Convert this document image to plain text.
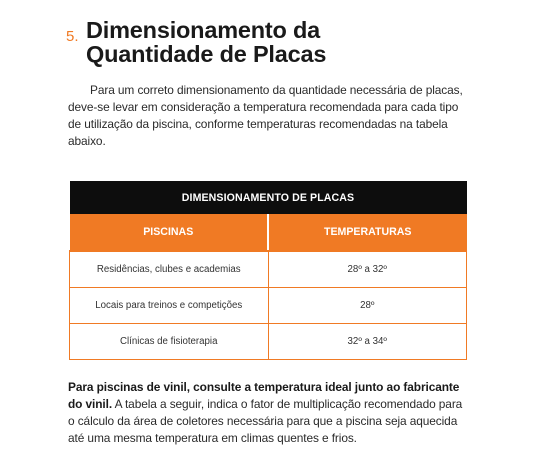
5. Dimensionamento da
Quantidade de Placas

Para um correto dimensionamento da quantidade necessária de placas, deve-se levar em consideração a temperatura recomendada para cada tipo de utilização da piscina, conforme temperaturas recomendadas na tabela abaixo.

DIMENSIONAMENTO DE PLACAS	
PISCINAS	TEMPERATURAS
Residências, clubes e academias	28º a 32º
Locais para treinos e competições	28º
Clínicas de fisioterapia	32º a 34º

Para piscinas de vinil, consulte a temperatura ideal junto ao fabricante do vinil. A tabela a seguir, indica o fator de multiplicação recomendado para o cálculo da área de coletores necessária para que a piscina seja aquecida até uma mesma temperatura em climas quentes e frios.
